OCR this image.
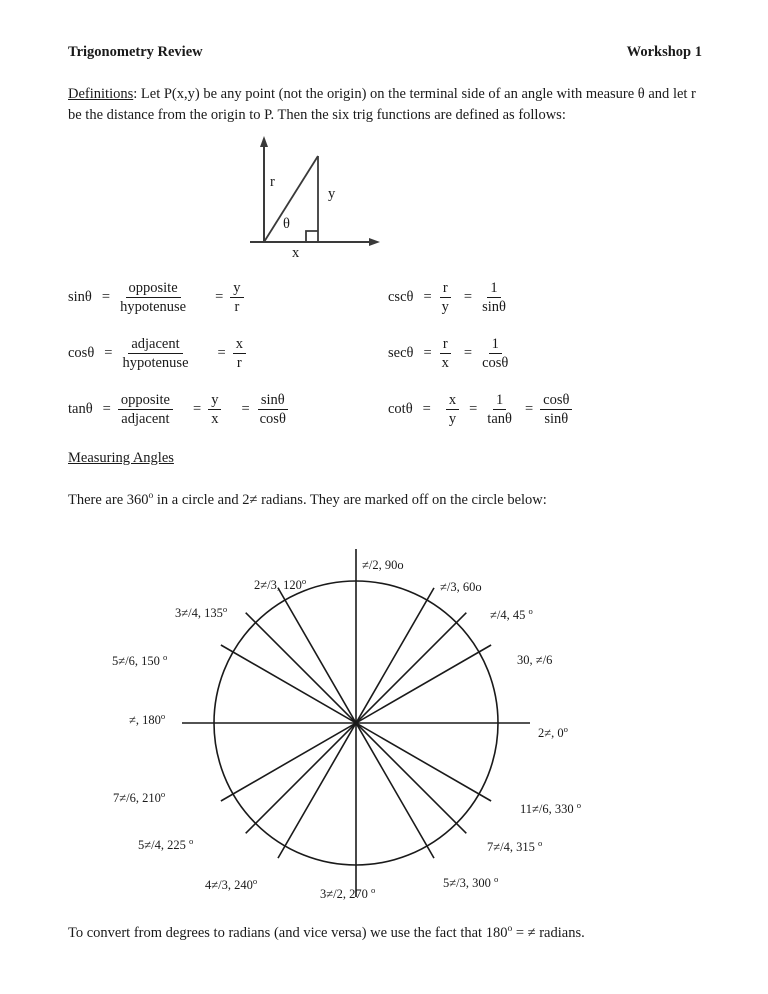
Trigonometry Review	Workshop 1
Definitions: Let P(x,y) be any point (not the origin) on the terminal side of an angle with measure θ and let r be the distance from the origin to P. Then the six trig functions are defined as follows:
r
y
θ
x
$\sin\theta = \frac{\text{opposite}}{\text{hypotenuse}} = \frac{y}{r}$
$\cos\theta = \frac{\text{adjacent}}{\text{hypotenuse}} = \frac{x}{r}$
$\tan\theta = \frac{\text{opposite}}{\text{adjacent}} = \frac{y}{x} = \frac{\sin\theta}{\cos\theta}$
$\csc\theta = \frac{r}{y} = \frac{1}{\sin\theta}$
$\sec\theta = \frac{r}{x} = \frac{1}{\cos\theta}$
$\cot\theta = \frac{x}{y} = \frac{1}{\tan\theta} = \frac{\cos\theta}{\sin\theta}$
Measuring Angles
There are 360$^o$ in a circle and 2≠ radians. They are marked off on the circle below:
≠/2, 90o
2≠/3, 120$^o$
3≠/4, 135$^o$
5≠/6, 150 $^o$
≠, 180$^o$
7≠/6, 210$^o$
5≠/4, 225 $^o$
4≠/3, 240$^o$
3≠/2, 270 $^o$	5≠/3, 300 $^o$
7≠/4, 315 $^o$
11≠/6, 330 $^o$
2≠, 0$^o$
30, ≠/6
≠/4, 45 $^o$
≠/3, 60o
To convert from degrees to radians (and vice versa) we use the fact that $180^o$ = ≠ radians.
